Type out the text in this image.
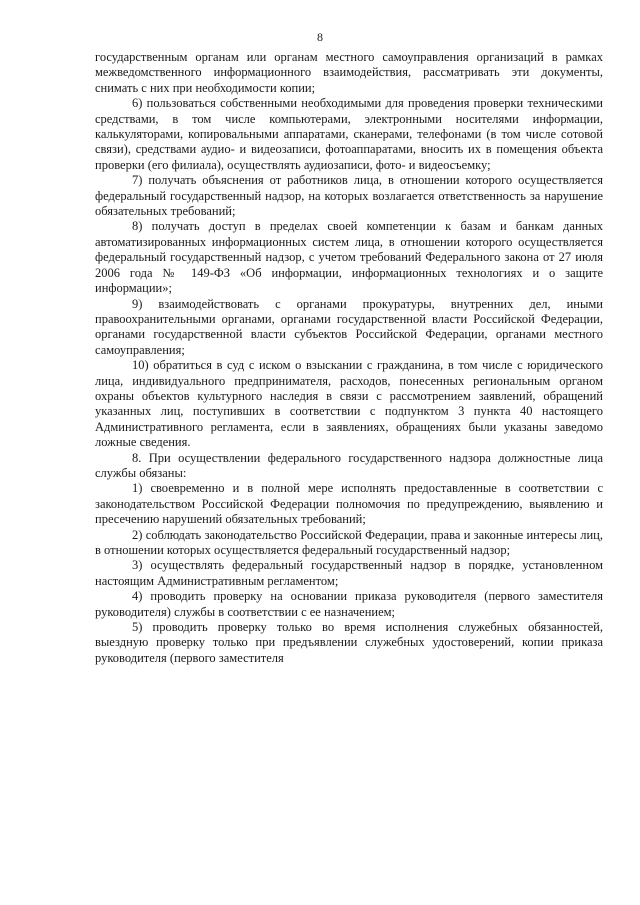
8

государственным органам или органам местного самоуправления организаций в рамках межведомственного информационного взаимодействия, рассматривать эти документы, снимать с них при необходимости копии;

6) пользоваться собственными необходимыми для проведения проверки техническими средствами, в том числе компьютерами, электронными носителями информации, калькуляторами, копировальными аппаратами, сканерами, телефонами (в том числе сотовой связи), средствами аудио- и видеозаписи, фотоаппаратами, вносить их в помещения объекта проверки (его филиала), осуществлять аудиозаписи, фото- и видеосъемку;

7) получать объяснения от работников лица, в отношении которого осуществляется федеральный государственный надзор, на которых возлагается ответственность за нарушение обязательных требований;

8) получать доступ в пределах своей компетенции к базам и банкам данных автоматизированных информационных систем лица, в отношении которого осуществляется федеральный государственный надзор, с учетом требований Федерального закона от 27 июля 2006 года № 149-ФЗ «Об информации, информационных технологиях и о защите информации»;

9) взаимодействовать с органами прокуратуры, внутренних дел, иными правоохранительными органами, органами государственной власти Российской Федерации, органами государственной власти субъектов Российской Федерации, органами местного самоуправления;

10) обратиться в суд с иском о взыскании с гражданина, в том числе с юридического лица, индивидуального предпринимателя, расходов, понесенных региональным органом охраны объектов культурного наследия в связи с рассмотрением заявлений, обращений указанных лиц, поступивших в соответствии с подпунктом 3 пункта 40 настоящего Административного регламента, если в заявлениях, обращениях были указаны заведомо ложные сведения.

8. При осуществлении федерального государственного надзора должностные лица службы обязаны:

1) своевременно и в полной мере исполнять предоставленные в соответствии с законодательством Российской Федерации полномочия по предупреждению, выявлению и пресечению нарушений обязательных требований;

2) соблюдать законодательство Российской Федерации, права и законные интересы лиц, в отношении которых осуществляется федеральный государственный надзор;

3) осуществлять федеральный государственный надзор в порядке, установленном настоящим Административным регламентом;

4) проводить проверку на основании приказа руководителя (первого заместителя руководителя) службы в соответствии с ее назначением;

5) проводить проверку только во время исполнения служебных обязанностей, выездную проверку только при предъявлении служебных удостоверений, копии приказа руководителя (первого заместителя
